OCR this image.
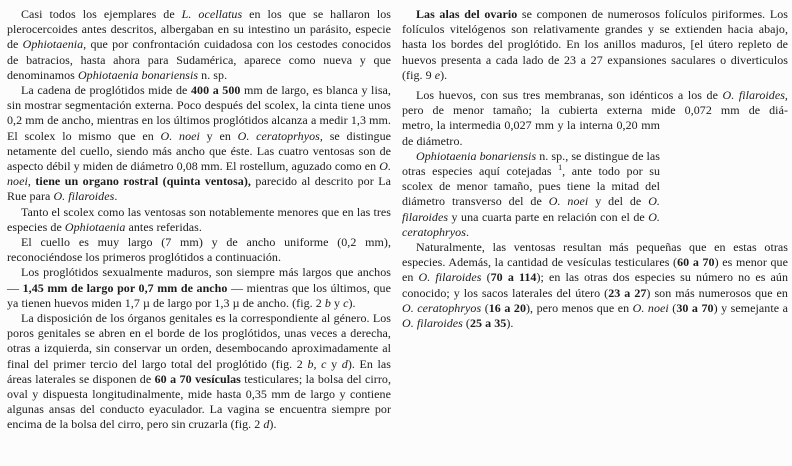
Casi todos los ejemplares de L. ocellatus en los que se hallaron los plerocercoides antes descritos, albergaban en su intestino un parásito, especie de Ophiotaenia, que por confrontación cuidadosa con los cestodes conocidos de batracios, hasta ahora para Sudamérica, aparece como nueva y que denominamos Ophiotaenia bonariensis n. sp.

La cadena de proglótidos mide de 400 a 500 mm de largo, es blanca y lisa, sin mostrar segmentación externa. Poco después del scolex, la cinta tiene unos 0,2 mm de ancho, mientras en los últimos proglótidos alcanza a medir 1,3 mm. El scolex lo mismo que en O. noei y en O. ceratoprhyos, se distingue netamente del cuello, siendo más ancho que éste. Las cuatro ventosas son de aspecto débil y miden de diámetro 0,08 mm. El rostellum, aguzado como en O. noei, tiene un organo rostral (quinta ventosa), parecido al descrito por La Rue para O. filaroides.

Tanto el scolex como las ventosas son notablemente menores que en las tres especies de Ophiotaenia antes referidas.

El cuello es muy largo (7 mm) y de ancho uniforme (0,2 mm), reconociéndose los primeros proglótidos a continuación.

Los proglótidos sexualmente maduros, son siempre más largos que anchos — 1,45 mm de largo por 0,7 mm de ancho — mientras que los últimos, que ya tienen huevos miden 1,7 µ de largo por 1,3 µ de ancho. (fig. 2 b y c).

La disposición de los órganos genitales es la correspondiente al género. Los poros genitales se abren en el borde de los proglótidos, unas veces a derecha, otras a izquierda, sin conservar un orden, desembocando aproximadamente al final del primer tercio del largo total del proglótido (fig. 2 b, c y d). En las áreas laterales se disponen de 60 a 70 vesículas testiculares; la bolsa del cirro, oval y dispuesta longitudinalmente, mide hasta 0,35 mm de largo y contiene algunas ansas del conducto eyaculador. La vagina se encuentra siempre por encima de la bolsa del cirro, pero sin cruzarla (fig. 2 d).

Las alas del ovario se componen de numerosos folículos piriformes. Los folículos vitelógenos son relativamente grandes y se extienden hacia abajo, hasta los bordes del proglótido. En los anillos maduros, [el útero repleto de huevos presenta a cada lado de 23 a 27 expansiones saculares o diverticulos (fig. 9 e).

Los huevos, con sus tres membranas, son idénticos a los de O. filaroides, pero de menor tamaño; la cubierta externa mide 0,072 mm de diá-

metro, la intermedia 0,027 mm y la interna 0,20 mm de diámetro.

Ophiotaenia bonariensis n. sp., se distingue de las otras especies aquí cotejadas $^1$, ante todo por su scolex de menor tamaño, pues tiene la mitad del diámetro transverso del de O. noei y del de O. filaroides y una cuarta parte en relación con el de O. ceratophryos.

Naturalmente, las ventosas resultan más pequeñas que en estas otras especies. Además, la cantidad de vesículas testiculares (60 a 70) es menor que en O. filaroides (70 a 114); en las otras dos especies su número no es aún conocido; y los sacos laterales del útero (23 a 27) son más numerosos que en O. ceratophryos (16 a 20), pero menos que en O. noei (30 a 70) y semejante a O. filaroides (25 a 35).
